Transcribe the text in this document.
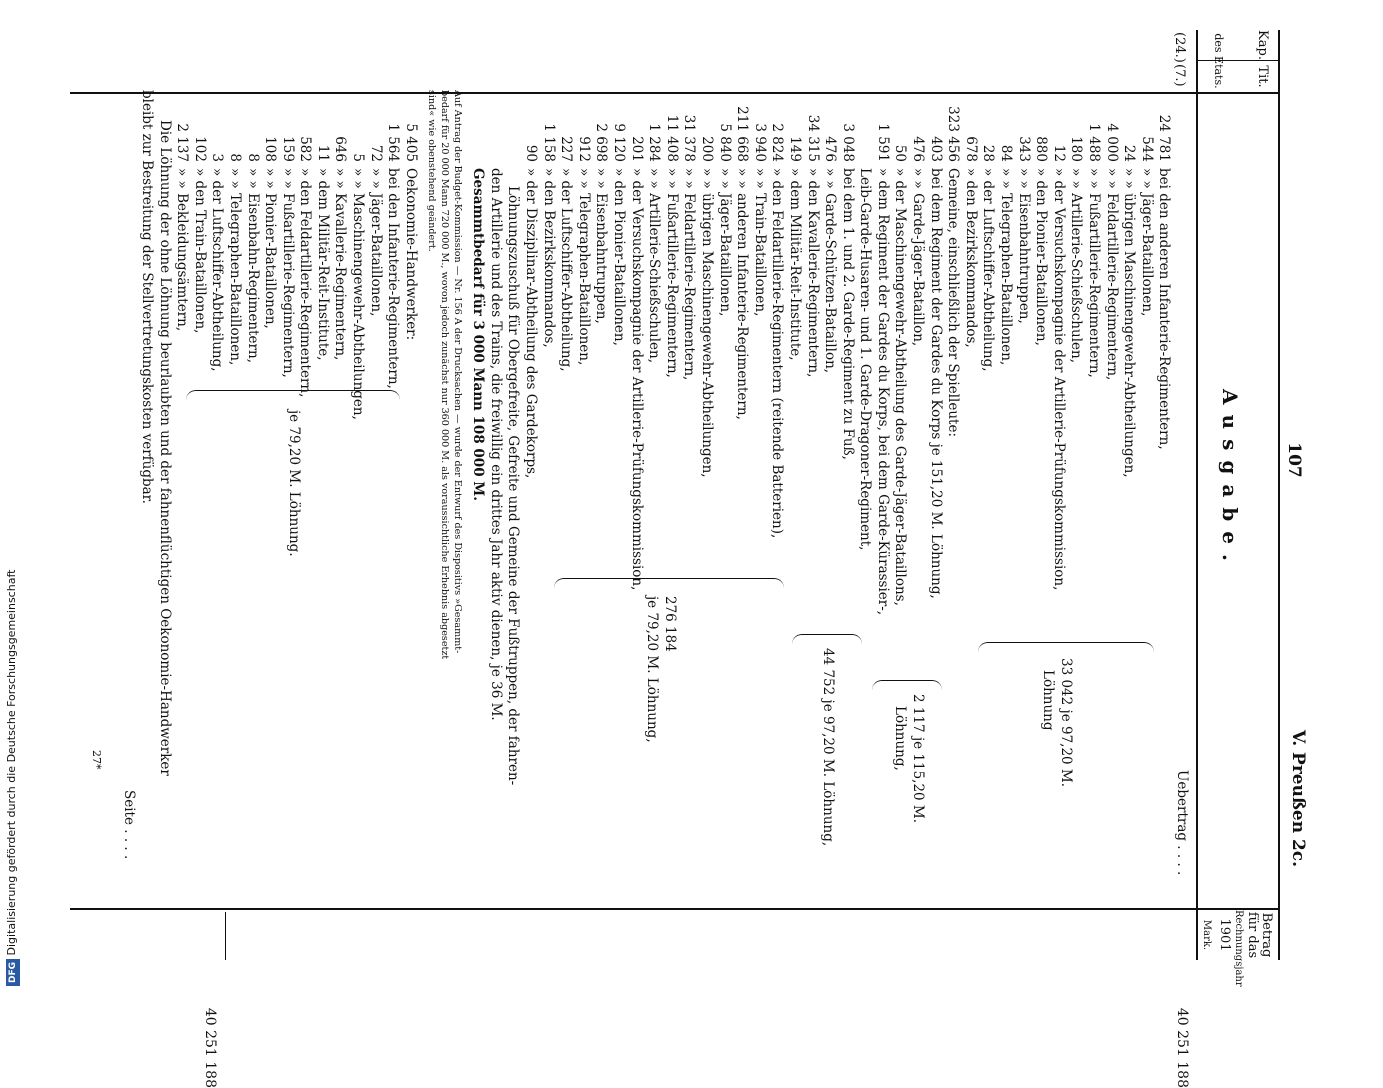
DFG Digitalisierung gefördert durch die Deutsche Forschungsgemeinschaft
107
V. Preußen 2c.
Kap.
Tit.
des Etats.
Betrag
für das
Rechnungsjahr
1901
Mark.
Ausgabe.
(24.)
(7.)
Uebertrag . . . .
24 781
bei den anderen Infanterie-Regimentern,
544
» » Jäger-Bataillonen,
24
» » übrigen Maschinengewehr-Abtheilungen,
4 000
» » Feldartillerie-Regimentern,
1 488
» » Fußartillerie-Regimentern,
180
» » Artillerie-Schießschulen,
12
» der Versuchskompagnie der Artillerie-Prüfungskommission,
880
» den Pionier-Bataillonen,
343
» » Eisenbahntruppen,
84
» » Telegraphen-Bataillonen,
28
» der Luftschiffer-Abtheilung,
678
» den Bezirkskommandos,
323 456
Gemeine, einschließlich der Spielleute:
403
bei dem Regiment der Gardes du Korps je 151,20 M. Löhnung,
476
» » Garde-Jäger-Bataillon,
50
» der Maschinengewehr-Abtheilung des Garde-Jäger-Bataillons,
1 591
» dem Regiment der Gardes du Korps, bei dem Garde-Kürassier-,
Leib-Garde-Husaren- und 1. Garde-Dragoner-Regiment,
3 048
bei dem 1. und 2. Garde-Regiment zu Fuß,
476
» » Garde-Schützen-Bataillon,
34 315
» den Kavallerie-Regimentern,
149
» dem Militär-Reit-Institute,
2 824
» den Feldartillerie-Regimentern (reitende Batterien),
3 940
» » Train-Bataillonen,
211 668
» » anderen Infanterie-Regimentern,
5 840
» » Jäger-Bataillonen,
200
» » übrigen Maschinengewehr-Abtheilungen,
31 378
» » Feldartillerie-Regimentern,
11 408
» » Fußartillerie-Regimentern,
1 284
» » Artillerie-Schießschulen,
201
» der Versuchskompagnie der Artillerie-Prüfungskommission,
9 120
» den Pionier-Bataillonen,
2 698
» » Eisenbahntruppen,
912
» » Telegraphen-Bataillonen,
227
» der Luftschiffer-Abtheilung,
1 158
» den Bezirkskommandos,
90
» der Disziplinar-Abtheilung des Gardekorps,
Löhnungszuschuß für Obergefreite, Gefreite und Gemeine der Fußtruppen, der fahren-
den Artillerie und des Trains, die freiwillig ein drittes Jahr aktiv dienen, je 36 M.
Gesammtbedarf für 3 000 Mann 108 000 M.
Auf Antrag der Budget-Kommission — Nr. 156 A der Drucksachen — wurde der Entwurf des Dispositivs »Gesammt-
bedarf für 20 000 Mann 720 000 M., wovon jedoch zunächst nur 360 000 M. als voraussichtliche Erhebnis abgesetzt
sind« wie obenstehend geändert.
5 405
Oekonomie-Handwerker:
1 564
bei den Infanterie-Regimentern,
72
» » Jäger-Bataillonen,
5
» » Maschinengewehr-Abtheilungen,
646
» » Kavallerie-Regimentern,
11
» dem Militär-Reit-Institute,
582
» den Feldartillerie-Regimentern,
159
» » Fußartillerie-Regimentern,
108
» » Pionier-Bataillonen,
8
» » Eisenbahn-Regimentern,
8
» » Telegraphen-Bataillonen,
3
» der Luftschiffer-Abtheilung,
102
» den Train-Bataillonen,
2 137
» » Bekleidungsämtern,
Die Löhnung der ohne Löhnung beurlaubten und der fahnenflüchtigen Oekonomie-Handwerker
bleibt zur Bestreitung der Stellvertretungskosten verfügbar.
Seite . . . .
33 042 je 97,20 M.
Löhnung
2 117 je 115,20 M.
Löhnung,
44 752 je 97,20 M. Löhnung,
276 184
je 79,20 M. Löhnung,
je 79,20 M. Löhnung.
40 251 188
40 251 188
27*
